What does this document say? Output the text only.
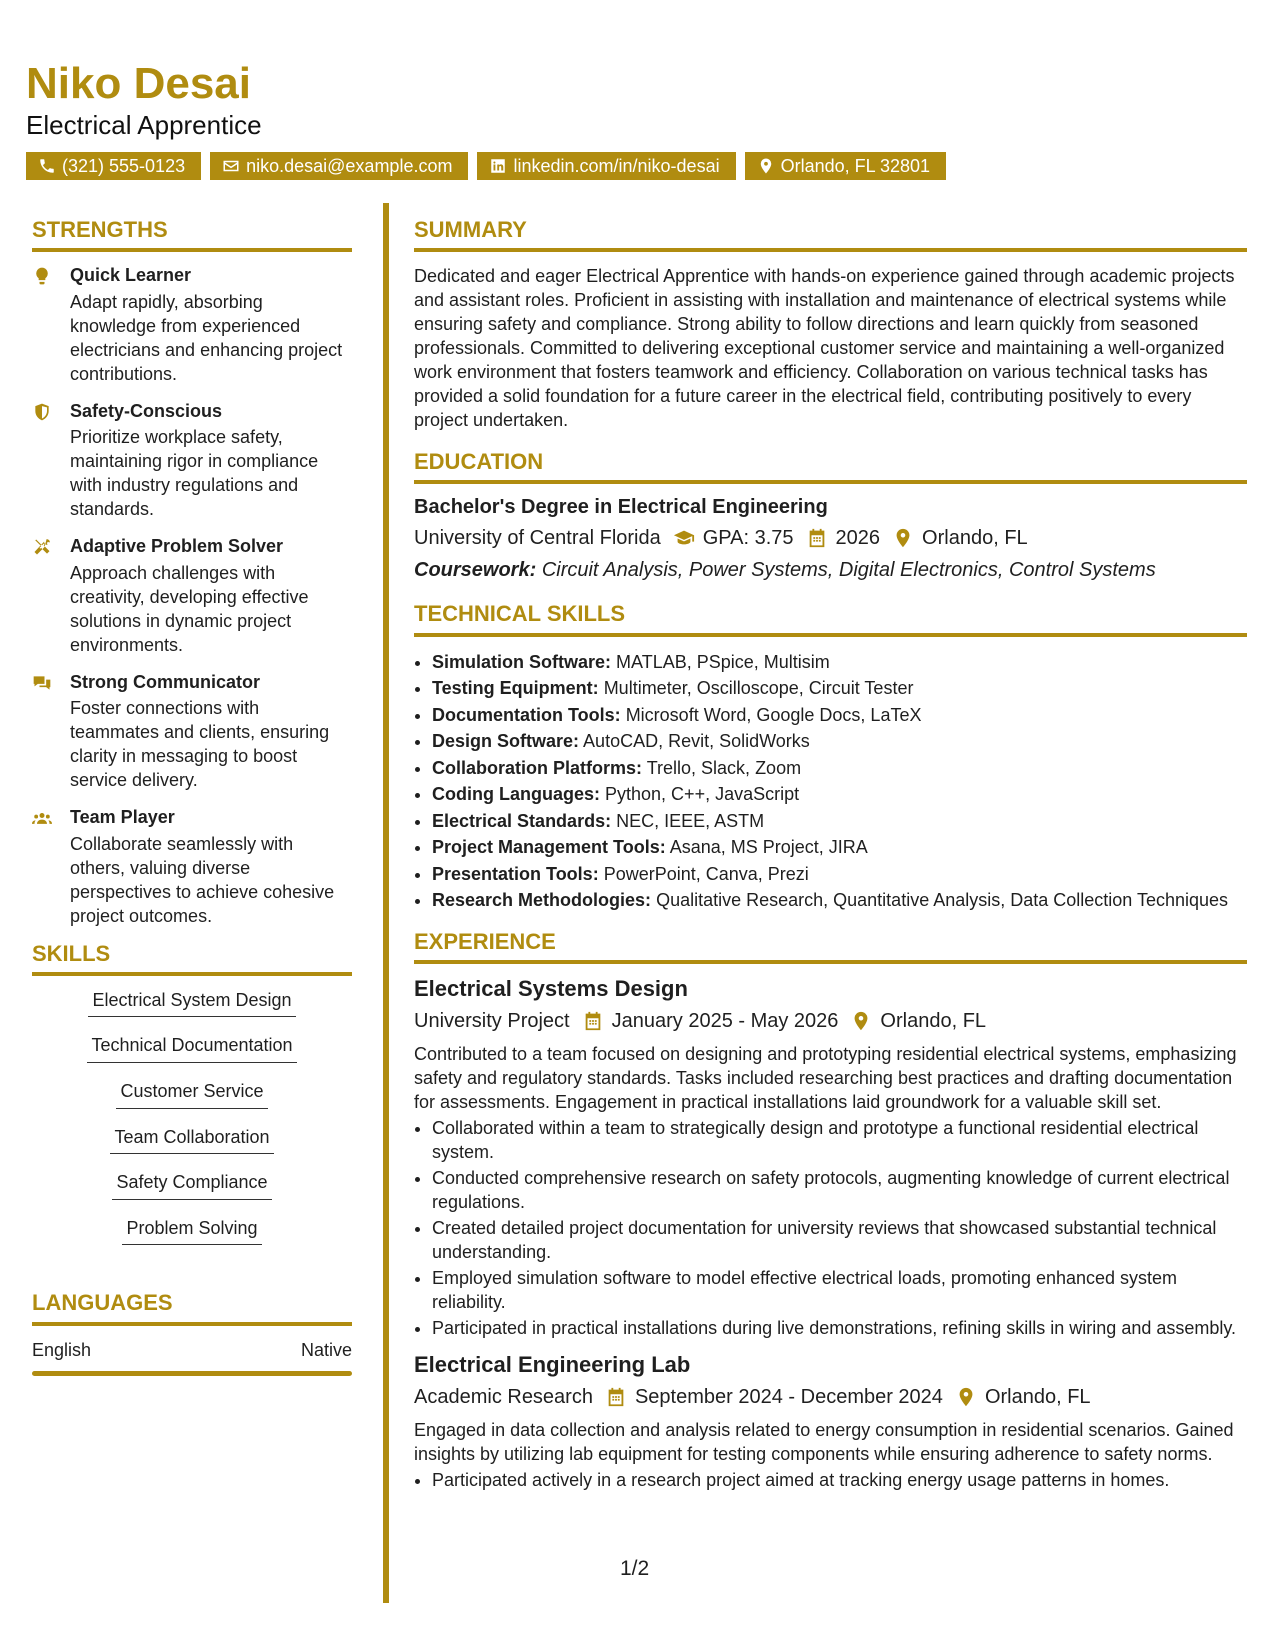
Niko Desai
Electrical Apprentice
(321) 555-0123	niko.desai@example.com	linkedin.com/in/niko-desai	Orlando, FL 32801
STRENGTHS
Quick Learner
Adapt rapidly, absorbing knowledge from experienced electricians and enhancing project contributions.
Safety-Conscious
Prioritize workplace safety, maintaining rigor in compliance with industry regulations and standards.
Adaptive Problem Solver
Approach challenges with creativity, developing effective solutions in dynamic project environments.
Strong Communicator
Foster connections with teammates and clients, ensuring clarity in messaging to boost service delivery.
Team Player
Collaborate seamlessly with others, valuing diverse perspectives to achieve cohesive project outcomes.
SKILLS
Electrical System Design
Technical Documentation
Customer Service
Team Collaboration
Safety Compliance
Problem Solving
LANGUAGES
English	Native
SUMMARY
Dedicated and eager Electrical Apprentice with hands-on experience gained through academic projects and assistant roles. Proficient in assisting with installation and maintenance of electrical systems while ensuring safety and compliance. Strong ability to follow directions and learn quickly from seasoned professionals. Committed to delivering exceptional customer service and maintaining a well-organized work environment that fosters teamwork and efficiency. Collaboration on various technical tasks has provided a solid foundation for a future career in the electrical field, contributing positively to every project undertaken.
EDUCATION
Bachelor's Degree in Electrical Engineering
University of Central Florida GPA: 3.75 2026 Orlando, FL
Coursework: Circuit Analysis, Power Systems, Digital Electronics, Control Systems
TECHNICAL SKILLS
• Simulation Software: MATLAB, PSpice, Multisim
• Testing Equipment: Multimeter, Oscilloscope, Circuit Tester
• Documentation Tools: Microsoft Word, Google Docs, LaTeX
• Design Software: AutoCAD, Revit, SolidWorks
• Collaboration Platforms: Trello, Slack, Zoom
• Coding Languages: Python, C++, JavaScript
• Electrical Standards: NEC, IEEE, ASTM
• Project Management Tools: Asana, MS Project, JIRA
• Presentation Tools: PowerPoint, Canva, Prezi
• Research Methodologies: Qualitative Research, Quantitative Analysis, Data Collection Techniques
EXPERIENCE
Electrical Systems Design
University Project January 2025 - May 2026 Orlando, FL
Contributed to a team focused on designing and prototyping residential electrical systems, emphasizing safety and regulatory standards. Tasks included researching best practices and drafting documentation for assessments. Engagement in practical installations laid groundwork for a valuable skill set.
• Collaborated within a team to strategically design and prototype a functional residential electrical system.
• Conducted comprehensive research on safety protocols, augmenting knowledge of current electrical regulations.
• Created detailed project documentation for university reviews that showcased substantial technical understanding.
• Employed simulation software to model effective electrical loads, promoting enhanced system reliability.
• Participated in practical installations during live demonstrations, refining skills in wiring and assembly.
Electrical Engineering Lab
Academic Research September 2024 - December 2024 Orlando, FL
Engaged in data collection and analysis related to energy consumption in residential scenarios. Gained insights by utilizing lab equipment for testing components while ensuring adherence to safety norms.
• Participated actively in a research project aimed at tracking energy usage patterns in homes.
1/2
